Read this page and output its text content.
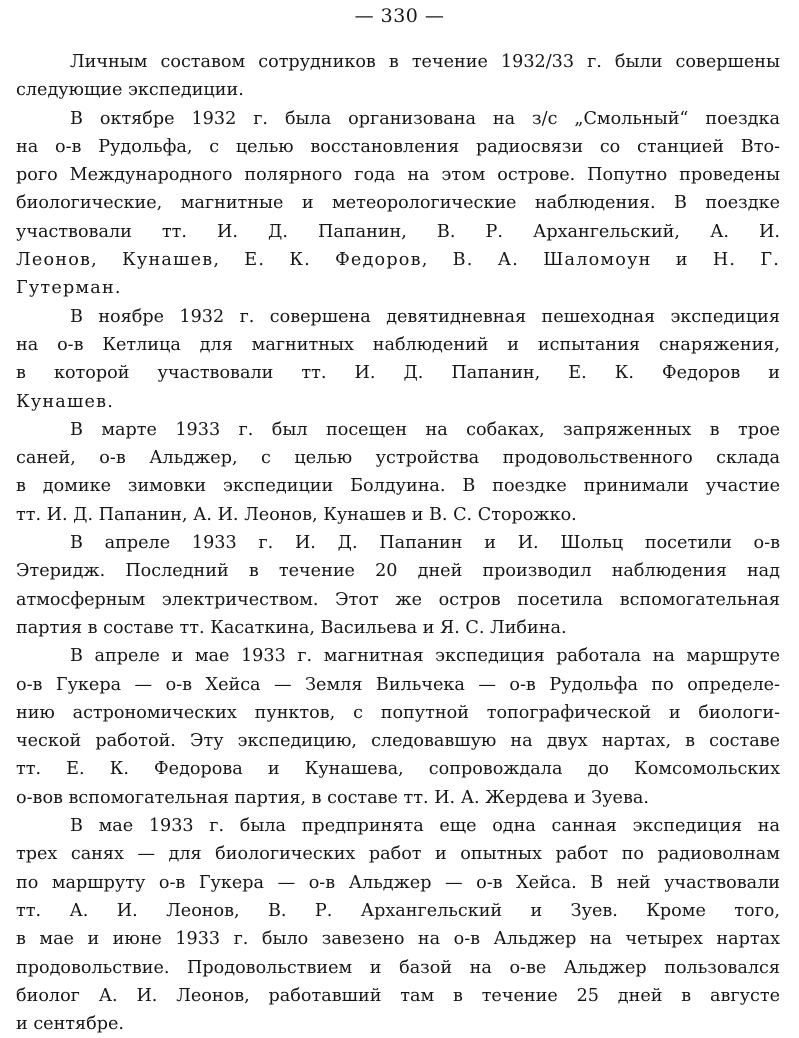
— 330 —
Личным составом сотрудников в течение 1932/33 г. были совершены
следующие экспедиции.
В октябре 1932 г. была организована на з/с „Смольный“ поездка
на о-в Рудольфа, с целью восстановления радиосвязи со станцией Вто-
рого Международного полярного года на этом острове. Попутно проведены
биологические, магнитные и метеорологические наблюдения. В поездке
участвовали тт. И. Д. Папанин, В. Р. Архангельский, А. И.
Леонов, Кунашев, Е. К. Федоров, В. А. Шаломоун и Н. Г.
Гутерман.
В ноябре 1932 г. совершена девятидневная пешеходная экспедиция
на о-в Кетлица для магнитных наблюдений и испытания снаряжения,
в которой участвовали тт. И. Д. Папанин, Е. К. Федоров и
Кунашев.
В марте 1933 г. был посещен на собаках, запряженных в трое
саней, о-в Альджер, с целью устройства продовольственного склада
в домике зимовки экспедиции Болдуина. В поездке принимали участие
тт. И. Д. Папанин, А. И. Леонов, Кунашев и В. С. Сторожко.
В апреле 1933 г. И. Д. Папанин и И. Шольц посетили о-в
Этеридж. Последний в течение 20 дней производил наблюдения над
атмосферным электричеством. Этот же остров посетила вспомогательная
партия в составе тт. Касаткина, Васильева и Я. С. Либина.
В апреле и мае 1933 г. магнитная экспедиция работала на маршруте
о-в Гукера — о-в Хейса — Земля Вильчека — о-в Рудольфа по определе-
нию астрономических пунктов, с попутной топографической и биологи-
ческой работой. Эту экспедицию, следовавшую на двух нартах, в составе
тт. Е. К. Федорова и Кунашева, сопровождала до Комсомольских
о-вов вспомогательная партия, в составе тт. И. А. Жердева и Зуева.
В мае 1933 г. была предпринята еще одна санная экспедиция на
трех санях — для биологических работ и опытных работ по радиоволнам
по маршруту о-в Гукера — о-в Альджер — о-в Хейса. В ней участвовали
тт. А. И. Леонов, В. Р. Архангельский и Зуев. Кроме того,
в мае и июне 1933 г. было завезено на о-в Альджер на четырех нартах
продовольствие. Продовольствием и базой на о-ве Альджер пользовался
биолог А. И. Леонов, работавший там в течение 25 дней в августе
и сентябре.
